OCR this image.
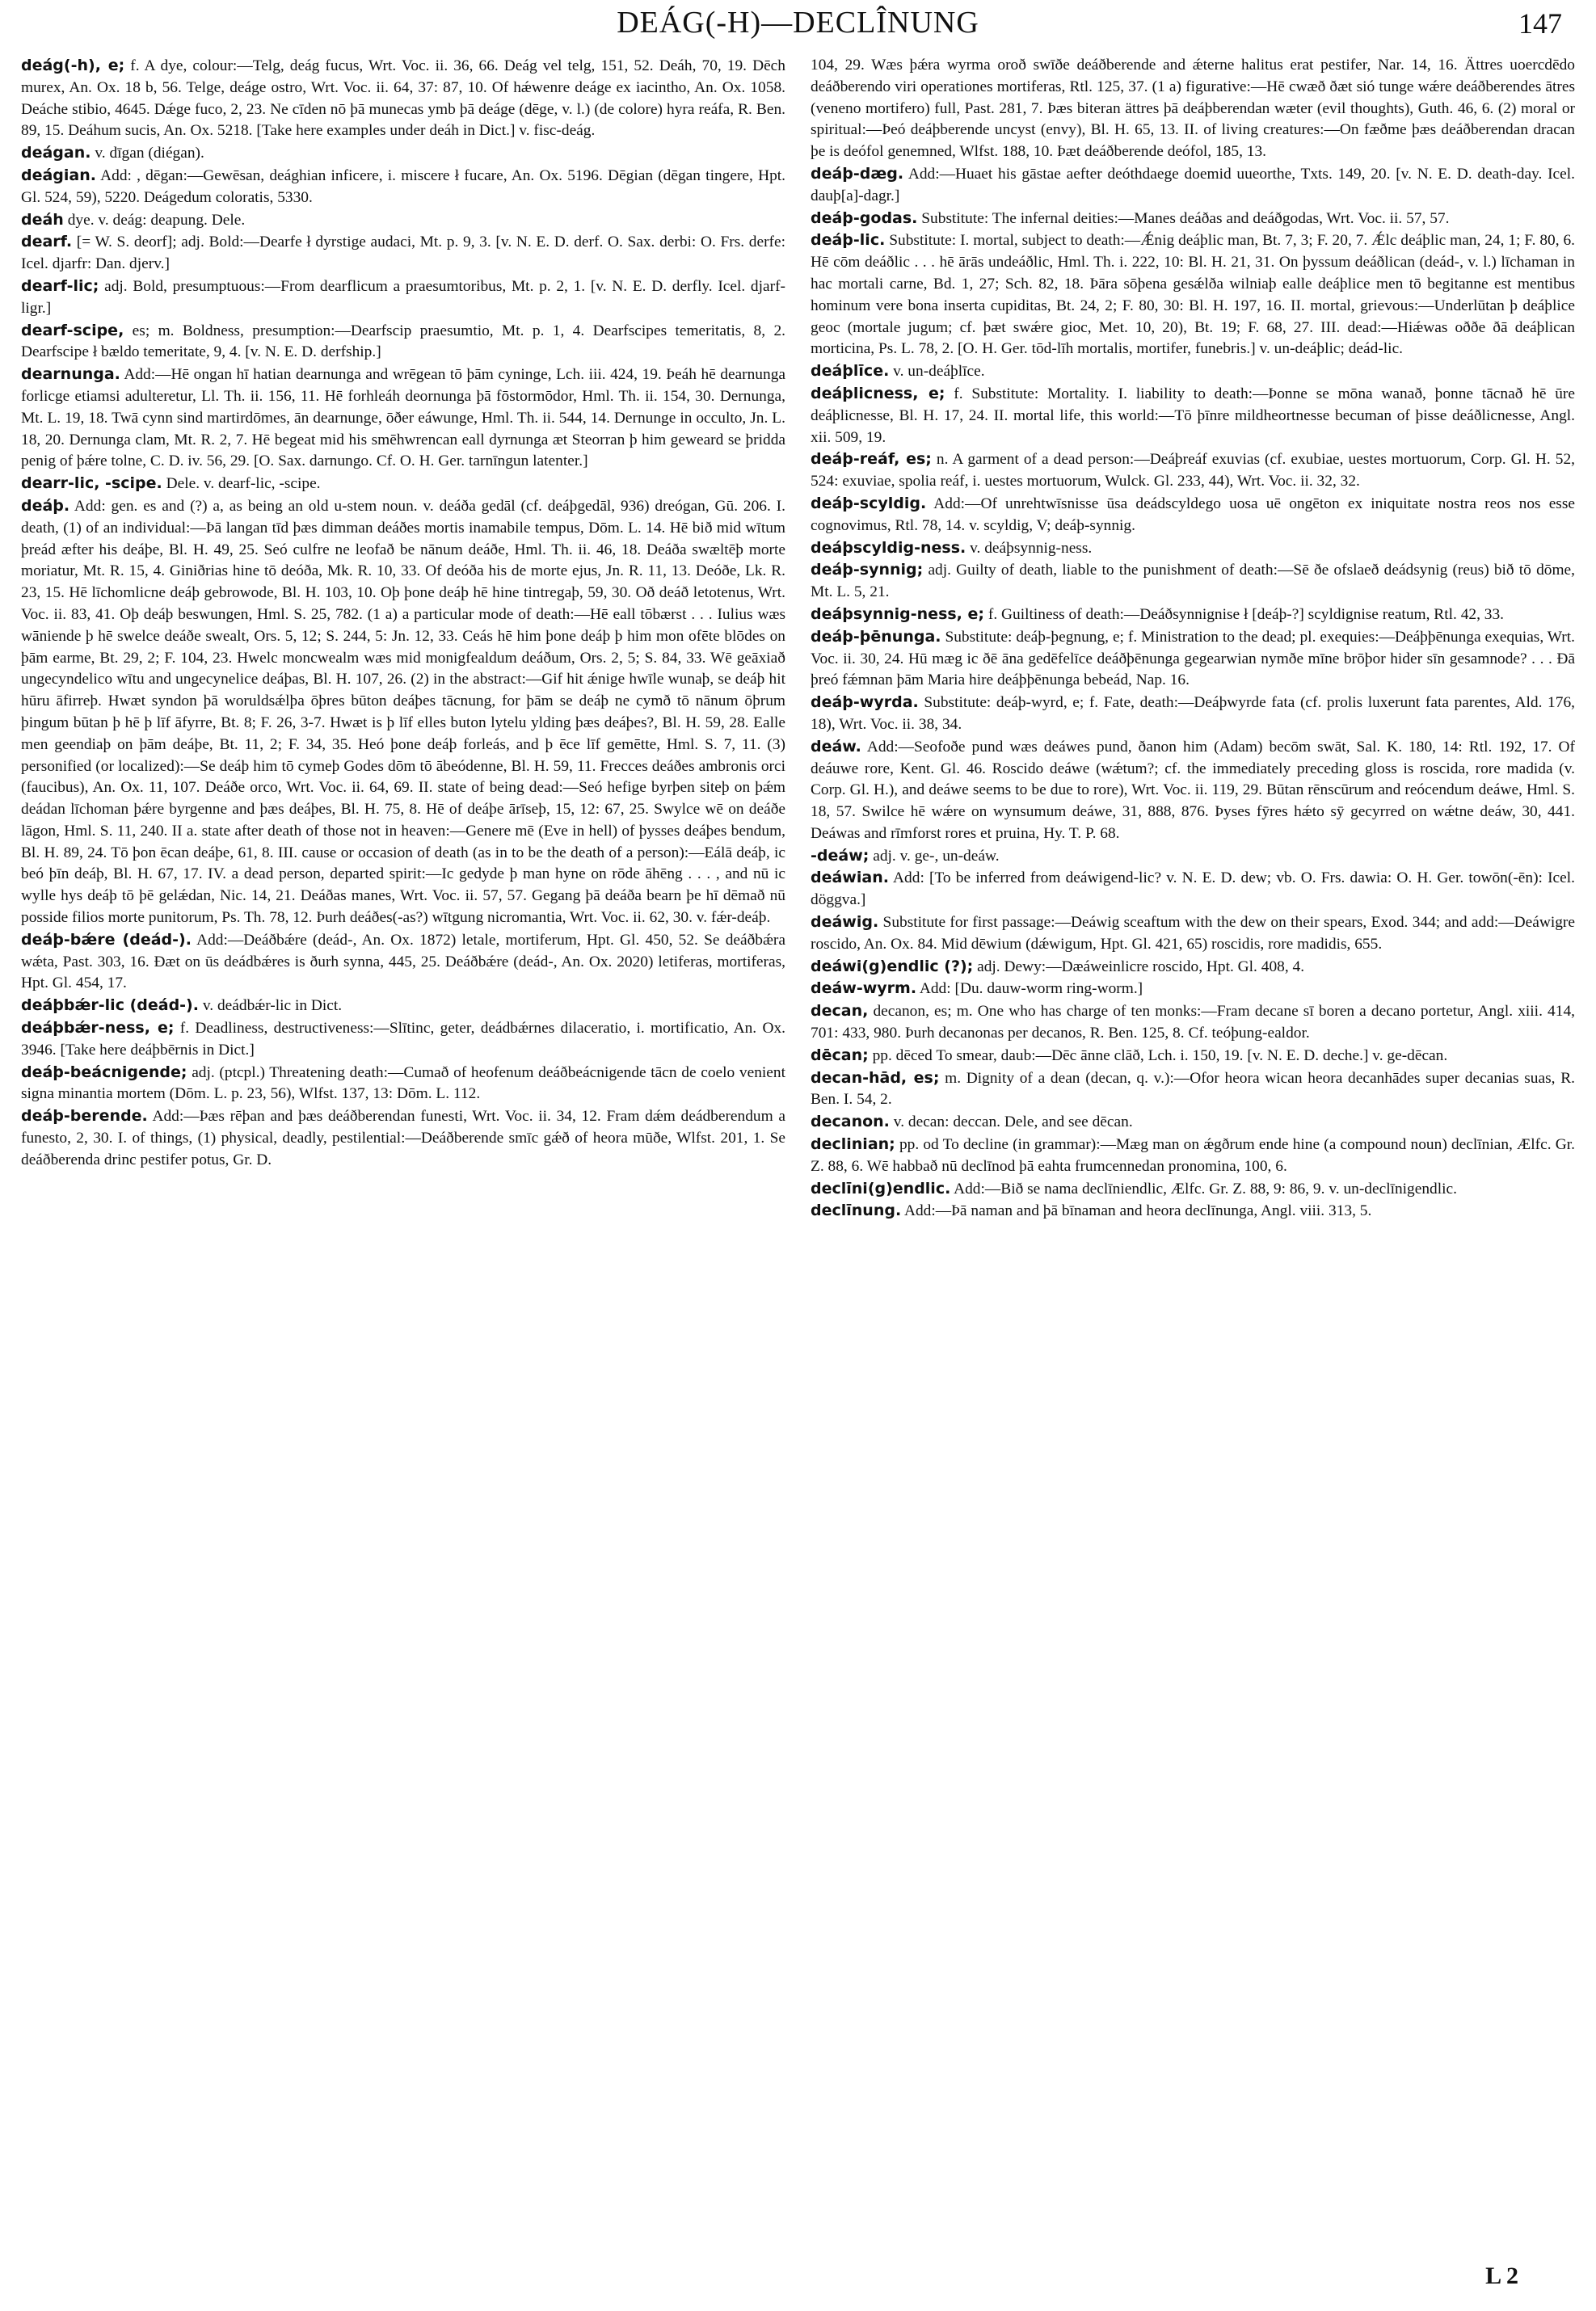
DEÁG(-H)—DECLÎNUNG	147

deág(-h), e; f. A dye, colour:—Telg, deág fucus, Wrt. Voc. ii. 36, 66. Deág vel telg, 151, 52. Deáh, 70, 19. Dēch murex, An. Ox. 18 b, 56. Telge, deáge ostro, Wrt. Voc. ii. 64, 37: 87, 10. Of hǽwenre deáge ex iacintho, An. Ox. 1058. Deáche stibio, 4645. Dǽge fuco, 2, 23. Ne cīden nō þā munecas ymb þā deáge (dēge, v. l.) (de colore) hyra reáfa, R. Ben. 89, 15. Deáhum sucis, An. Ox. 5218. [Take here examples under deáh in Dict.] v. fisc-deág.

deágan. v. dīgan (diégan).

deágian. Add: , dēgan:—Gewēsan, deághian inficere, i. miscere ł fucare, An. Ox. 5196. Dēgian (dēgan tingere, Hpt. Gl. 524, 59), 5220. Deágedum coloratis, 5330.

deáh dye. v. deág: deapung. Dele.

dearf. [= W. S. deorf]; adj. Bold:—Dearfe ł dyrstige audaci, Mt. p. 9, 3. [v. N. E. D. derf. O. Sax. derbi: O. Frs. derfe: Icel. djarfr: Dan. djerv.]

dearf-lic; adj. Bold, presumptuous:—From dearflicum a praesumtoribus, Mt. p. 2, 1. [v. N. E. D. derfly. Icel. djarf-ligr.]

dearf-scipe, es; m. Boldness, presumption:—Dearfscip praesumtio, Mt. p. 1, 4. Dearfscipes temeritatis, 8, 2. Dearfscipe ł bældo temeritate, 9, 4. [v. N. E. D. derfship.]

dearnunga. Add:—Hē ongan hī hatian dearnunga and wrēgean tō þām cyninge, Lch. iii. 424, 19. Þeáh hē dearnunga forlicge etiamsi adulteretur, Ll. Th. ii. 156, 11. Hē forhleáh deornunga þā fōstormōdor, Hml. Th. ii. 154, 30. Dernunga, Mt. L. 19, 18. Twā cynn sind martirdōmes, ān dearnunge, ōðer eáwunge, Hml. Th. ii. 544, 14. Dernunge in occulto, Jn. L. 18, 20. Dernunga clam, Mt. R. 2, 7. Hē begeat mid his smēhwrencan eall dyrnunga æt Steorran þ him geweard se þridda penig of þǽre tolne, C. D. iv. 56, 29. [O. Sax. darnungo. Cf. O. H. Ger. tarnīngun latenter.]

dearr-lic, -scipe. Dele. v. dearf-lic, -scipe.

deáþ. Add: gen. es and (?) a, as being an old u-stem noun. v. deáða gedāl (cf. deáþgedāl, 936) dreógan, Gū. 206. I. death, (1) of an individual:—Þā langan tīd þæs dimman deáðes mortis inamabile tempus, Dōm. L. 14. Hē bið mid wītum þreád æfter his deáþe, Bl. H. 49, 25. Seó culfre ne leofað be nānum deáðe, Hml. Th. ii. 46, 18. Deáða swæltēþ morte moriatur, Mt. R. 15, 4. Giniðrias hine tō deóða, Mk. R. 10, 33. Of deóða his de morte ejus, Jn. R. 11, 13. Deóðe, Lk. R. 23, 15. Hē līchomlicne deáþ gebrowode, Bl. H. 103, 10. Oþ þone deáþ hē hine tintregaþ, 59, 30. Oð deáð letotenus, Wrt. Voc. ii. 83, 41. Oþ deáþ beswungen, Hml. S. 25, 782. (1 a) a particular mode of death:—Hē eall tōbærst . . . Iulius wæs wāniende þ hē swelce deáðe swealt, Ors. 5, 12; S. 244, 5: Jn. 12, 33. Ceás hē him þone deáþ þ him mon ofēte blōdes on þām earme, Bt. 29, 2; F. 104, 23. Hwelc moncwealm wæs mid monigfealdum deáðum, Ors. 2, 5; S. 84, 33. Wē geāxiað ungecyndelico wītu and ungecynelice deáþas, Bl. H. 107, 26. (2) in the abstract:—Gif hit ǽnige hwīle wunaþ, se deáþ hit hūru āfirreþ. Hwæt syndon þā woruldsǽlþa ōþres būton deáþes tācnung, for þām se deáþ ne cymð tō nānum ōþrum þingum būtan þ hē þ līf āfyrre, Bt. 8; F. 26, 3-7. Hwæt is þ līf elles buton lytelu ylding þæs deáþes?, Bl. H. 59, 28. Ealle men geendiaþ on þām deáþe, Bt. 11, 2; F. 34, 35. Heó þone deáþ forleás, and þ ēce līf gemētte, Hml. S. 7, 11. (3) personified (or localized):—Se deáþ him tō cymeþ Godes dōm tō ābeódenne, Bl. H. 59, 11. Frecces deáðes ambronis orci (faucibus), An. Ox. 11, 107. Deáðe orco, Wrt. Voc. ii. 64, 69. II. state of being dead:—Seó hefige byrþen siteþ on þǽm deádan līchoman þǽre byrgenne and þæs deáþes, Bl. H. 75, 8. Hē of deáþe ārīseþ, 15, 12: 67, 25. Swylce wē on deáðe lāgon, Hml. S. 11, 240. II a. state after death of those not in heaven:—Genere mē (Eve in hell) of þysses deáþes bendum, Bl. H. 89, 24. Tō þon ēcan deáþe, 61, 8. III. cause or occasion of death (as in to be the death of a person):—Eálā deáþ, ic beó þīn deáþ, Bl. H. 67, 17. IV. a dead person, departed spirit:—Ic gedyde þ man hyne on rōde āhēng . . . , and nū ic wylle hys deáþ tō þē gelǽdan, Nic. 14, 21. Deáðas manes, Wrt. Voc. ii. 57, 57. Gegang þā deáða bearn þe hī dēmað nū posside filios morte punitorum, Ps. Th. 78, 12. Þurh deáðes(-as?) wītgung nicromantia, Wrt. Voc. ii. 62, 30. v. fǽr-deáþ.

deáþ-bǽre (deád-). Add:—Deáðbǽre (deád-, An. Ox. 1872) letale, mortiferum, Hpt. Gl. 450, 52. Se deáðbǽra wǽta, Past. 303, 16. Ðæt on ūs deádbǽres is ðurh synna, 445, 25. Deáðbǽre (deád-, An. Ox. 2020) letiferas, mortiferas, Hpt. Gl. 454, 17.

deáþbǽr-lic (deád-). v. deádbǽr-lic in Dict.

deáþbǽr-ness, e; f. Deadliness, destructiveness:—Slītinc, geter, deádbǽrnes dilaceratio, i. mortificatio, An. Ox. 3946. [Take here deáþbērnis in Dict.]

deáþ-beácnigende; adj. (ptcpl.) Threatening death:—Cumað of heofenum deáðbeácnigende tācn de coelo venient signa minantia mortem (Dōm. L. p. 23, 56), Wlfst. 137, 13: Dōm. L. 112.

deáþ-berende. Add:—Þæs rēþan and þæs deáðberendan funesti, Wrt. Voc. ii. 34, 12. Fram dǽm deádberendum a funesto, 2, 30. I. of things, (1) physical, deadly, pestilential:—Deáðberende smīc gǽð of heora mūðe, Wlfst. 201, 1. Se deáðberenda drinc pestifer potus, Gr. D.

104, 29. Wæs þǽra wyrma oroð swīðe deáðberende and ǽterne halitus erat pestifer, Nar. 14, 16. Ättres uoercdēdo deáðberendo viri operationes mortiferas, Rtl. 125, 37. (1 a) figurative:—Hē cwæð ðæt sió tunge wǽre deáðberendes ātres (veneno mortifero) full, Past. 281, 7. Þæs biteran ättres þā deáþberendan wæter (evil thoughts), Guth. 46, 6. (2) moral or spiritual:—Þeó deáþberende uncyst (envy), Bl. H. 65, 13. II. of living creatures:—On fæðme þæs deáðberendan dracan þe is deófol genemned, Wlfst. 188, 10. Þæt deáðberende deófol, 185, 13.

deáþ-dæg. Add:—Huaet his gāstae aefter deóthdaege doemid uueorthe, Txts. 149, 20. [v. N. E. D. death-day. Icel. dauþ[a]-dagr.]

deáþ-godas. Substitute: The infernal deities:—Manes deáðas and deáðgodas, Wrt. Voc. ii. 57, 57.

deáþ-lic. Substitute: I. mortal, subject to death:—Ǽnig deáþlic man, Bt. 7, 3; F. 20, 7. Ǽlc deáþlic man, 24, 1; F. 80, 6. Hē cōm deáðlic . . . hē ārās undeáðlic, Hml. Th. i. 222, 10: Bl. H. 21, 31. On þyssum deáðlican (deád-, v. l.) līchaman in hac mortali carne, Bd. 1, 27; Sch. 82, 18. Þāra sōþena gesǽlða wilniaþ ealle deáþlice men tō begitanne est mentibus hominum vere bona inserta cupiditas, Bt. 24, 2; F. 80, 30: Bl. H. 197, 16. II. mortal, grievous:—Underlūtan þ deáþlice geoc (mortale jugum; cf. þæt swǽre gioc, Met. 10, 20), Bt. 19; F. 68, 27. III. dead:—Hiǽwas oððe ðā deáþlican morticina, Ps. L. 78, 2. [O. H. Ger. tōd-līh mortalis, mortifer, funebris.] v. un-deáþlic; deád-lic.

deáþlīce. v. un-deáþlīce.

deáþlicness, e; f. Substitute: Mortality. I. liability to death:—Þonne se mōna wanað, þonne tācnað hē ūre deáþlicnesse, Bl. H. 17, 24. II. mortal life, this world:—Tō þīnre mildheortnesse becuman of þisse deáðlicnesse, Angl. xii. 509, 19.

deáþ-reáf, es; n. A garment of a dead person:—Deáþreáf exuvias (cf. exubiae, uestes mortuorum, Corp. Gl. H. 52, 524: exuviae, spolia reáf, i. uestes mortuorum, Wulck. Gl. 233, 44), Wrt. Voc. ii. 32, 32.

deáþ-scyldig. Add:—Of unrehtwīsnisse ūsa deádscyldego uosa uē ongēton ex iniquitate nostra reos nos esse cognovimus, Rtl. 78, 14. v. scyldig, V; deáþ-synnig.

deáþscyldig-ness. v. deáþsynnig-ness.

deáþ-synnig; adj. Guilty of death, liable to the punishment of death:—Sē ðe ofslaeð deádsynig (reus) bið tō dōme, Mt. L. 5, 21.

deáþsynnig-ness, e; f. Guiltiness of death:—Deáðsynnignise ł [deáþ-?] scyldignise reatum, Rtl. 42, 33.

deáþ-þēnunga. Substitute: deáþ-þegnung, e; f. Ministration to the dead; pl. exequies:—Deáþþēnunga exequias, Wrt. Voc. ii. 30, 24. Hū mæg ic ðē āna gedēfelīce deáðþēnunga gegearwian nymðe mīne brōþor hider sīn gesamnode? . . . Ðā þreó fǽmnan þām Maria hire deáþþēnunga bebeád, Nap. 16.

deáþ-wyrda. Substitute: deáþ-wyrd, e; f. Fate, death:—Deáþwyrde fata (cf. prolis luxerunt fata parentes, Ald. 176, 18), Wrt. Voc. ii. 38, 34.

deáw. Add:—Seofoðe pund wæs deáwes pund, ðanon him (Adam) becōm swāt, Sal. K. 180, 14: Rtl. 192, 17. Of deáuwe rore, Kent. Gl. 46. Roscido deáwe (wǽtum?; cf. the immediately preceding gloss is roscida, rore madida (v. Corp. Gl. H.), and deáwe seems to be due to rore), Wrt. Voc. ii. 119, 29. Būtan rēnscūrum and reócendum deáwe, Hml. S. 18, 57. Swilce hē wǽre on wynsumum deáwe, 31, 888, 876. Þyses fȳres hǽto sȳ gecyrred on wǽtne deáw, 30, 441. Deáwas and rīmforst rores et pruina, Hy. T. P. 68.

-deáw; adj. v. ge-, un-deáw.

deáwian. Add: [To be inferred from deáwigend-lic? v. N. E. D. dew; vb. O. Frs. dawia: O. H. Ger. towōn(-ēn): Icel. döggva.]

deáwig. Substitute for first passage:—Deáwig sceaftum with the dew on their spears, Exod. 344; and add:—Deáwigre roscido, An. Ox. 84. Mid dēwium (dǽwigum, Hpt. Gl. 421, 65) roscidis, rore madidis, 655.

deáwi(g)endlic (?); adj. Dewy:—Dæáweinlicre roscido, Hpt. Gl. 408, 4.

deáw-wyrm. Add: [Du. dauw-worm ring-worm.]

decan, decanon, es; m. One who has charge of ten monks:—Fram decane sī boren a decano portetur, Angl. xiii. 414, 701: 433, 980. Þurh decanonas per decanos, R. Ben. 125, 8. Cf. teóþung-ealdor.

dēcan; pp. dēced To smear, daub:—Dēc ānne clāð, Lch. i. 150, 19. [v. N. E. D. deche.] v. ge-dēcan.

decan-hād, es; m. Dignity of a dean (decan, q. v.):—Ofor heora wican heora decanhādes super decanias suas, R. Ben. I. 54, 2.

decanon. v. decan: deccan. Dele, and see dēcan.

declinian; pp. od To decline (in grammar):—Mæg man on ǽgðrum ende hine (a compound noun) declīnian, Ælfc. Gr. Z. 88, 6. Wē habbað nū declīnod þā eahta frumcennedan pronomina, 100, 6.

declīni(g)endlic. Add:—Bið se nama declīniendlic, Ælfc. Gr. Z. 88, 9: 86, 9. v. un-declīnigendlic.

declīnung. Add:—Þā naman and þā bīnaman and heora declīnunga, Angl. viii. 313, 5.

L 2
